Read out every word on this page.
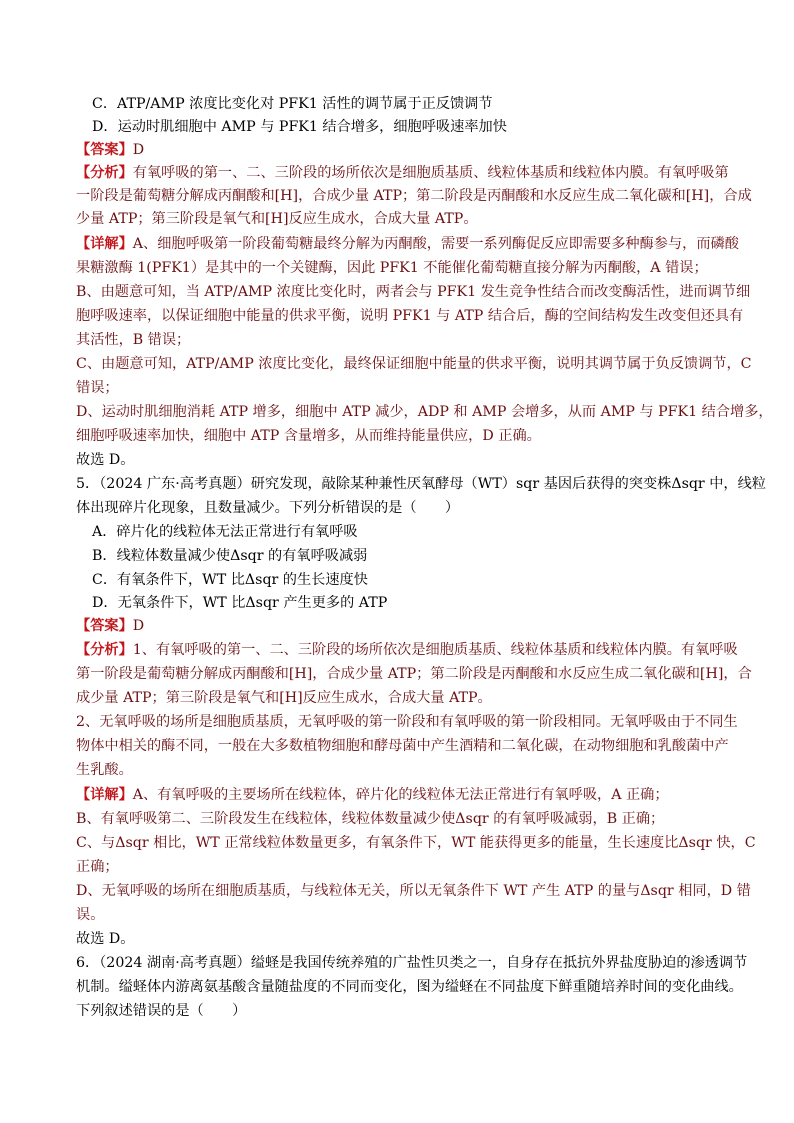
C．ATP/AMP 浓度比变化对 PFK1 活性的调节属于正反馈调节
D．运动时肌细胞中 AMP 与 PFK1 结合增多，细胞呼吸速率加快
【答案】D
【分析】有氧呼吸的第一、二、三阶段的场所依次是细胞质基质、线粒体基质和线粒体内膜。有氧呼吸第
一阶段是葡萄糖分解成丙酮酸和[H]，合成少量 ATP；第二阶段是丙酮酸和水反应生成二氧化碳和[H]，合成
少量 ATP；第三阶段是氧气和[H]反应生成水，合成大量 ATP。
【详解】A、细胞呼吸第一阶段葡萄糖最终分解为丙酮酸，需要一系列酶促反应即需要多种酶参与，而磷酸
果糖激酶 1(PFK1）是其中的一个关键酶，因此 PFK1 不能催化葡萄糖直接分解为丙酮酸，A 错误；
B、由题意可知，当 ATP/AMP 浓度比变化时，两者会与 PFK1 发生竞争性结合而改变酶活性，进而调节细
胞呼吸速率，以保证细胞中能量的供求平衡，说明 PFK1 与 ATP 结合后，酶的空间结构发生改变但还具有
其活性，B 错误；
C、由题意可知，ATP/AMP 浓度比变化，最终保证细胞中能量的供求平衡，说明其调节属于负反馈调节，C
错误；
D、运动时肌细胞消耗 ATP 增多，细胞中 ATP 减少，ADP 和 AMP 会增多，从而 AMP 与 PFK1 结合增多，
细胞呼吸速率加快，细胞中 ATP 含量增多，从而维持能量供应，D 正确。
故选 D。
5．（2024 广东·高考真题）研究发现，敲除某种兼性厌氧酵母（WT）sqr 基因后获得的突变株Δsqr 中，线粒
体出现碎片化现象，且数量减少。下列分析错误的是（　　）
A．碎片化的线粒体无法正常进行有氧呼吸
B．线粒体数量减少使Δsqr 的有氧呼吸减弱
C．有氧条件下，WT 比Δsqr 的生长速度快
D．无氧条件下，WT 比Δsqr 产生更多的 ATP
【答案】D
【分析】1、有氧呼吸的第一、二、三阶段的场所依次是细胞质基质、线粒体基质和线粒体内膜。有氧呼吸
第一阶段是葡萄糖分解成丙酮酸和[H]，合成少量 ATP；第二阶段是丙酮酸和水反应生成二氧化碳和[H]，合
成少量 ATP；第三阶段是氧气和[H]反应生成水，合成大量 ATP。
2、无氧呼吸的场所是细胞质基质，无氧呼吸的第一阶段和有氧呼吸的第一阶段相同。无氧呼吸由于不同生
物体中相关的酶不同，一般在大多数植物细胞和酵母菌中产生酒精和二氧化碳，在动物细胞和乳酸菌中产
生乳酸。
【详解】A、有氧呼吸的主要场所在线粒体，碎片化的线粒体无法正常进行有氧呼吸，A 正确；
B、有氧呼吸第二、三阶段发生在线粒体，线粒体数量减少使Δsqr 的有氧呼吸减弱，B 正确；
C、与Δsqr 相比，WT 正常线粒体数量更多，有氧条件下，WT 能获得更多的能量，生长速度比Δsqr 快，C
正确；
D、无氧呼吸的场所在细胞质基质，与线粒体无关，所以无氧条件下 WT 产生 ATP 的量与Δsqr 相同，D 错
误。
故选 D。
6．（2024 湖南·高考真题）缢蛏是我国传统养殖的广盐性贝类之一，自身存在抵抗外界盐度胁迫的渗透调节
机制。缢蛏体内游离氨基酸含量随盐度的不同而变化，图为缢蛏在不同盐度下鲜重随培养时间的变化曲线。
下列叙述错误的是（　　）
